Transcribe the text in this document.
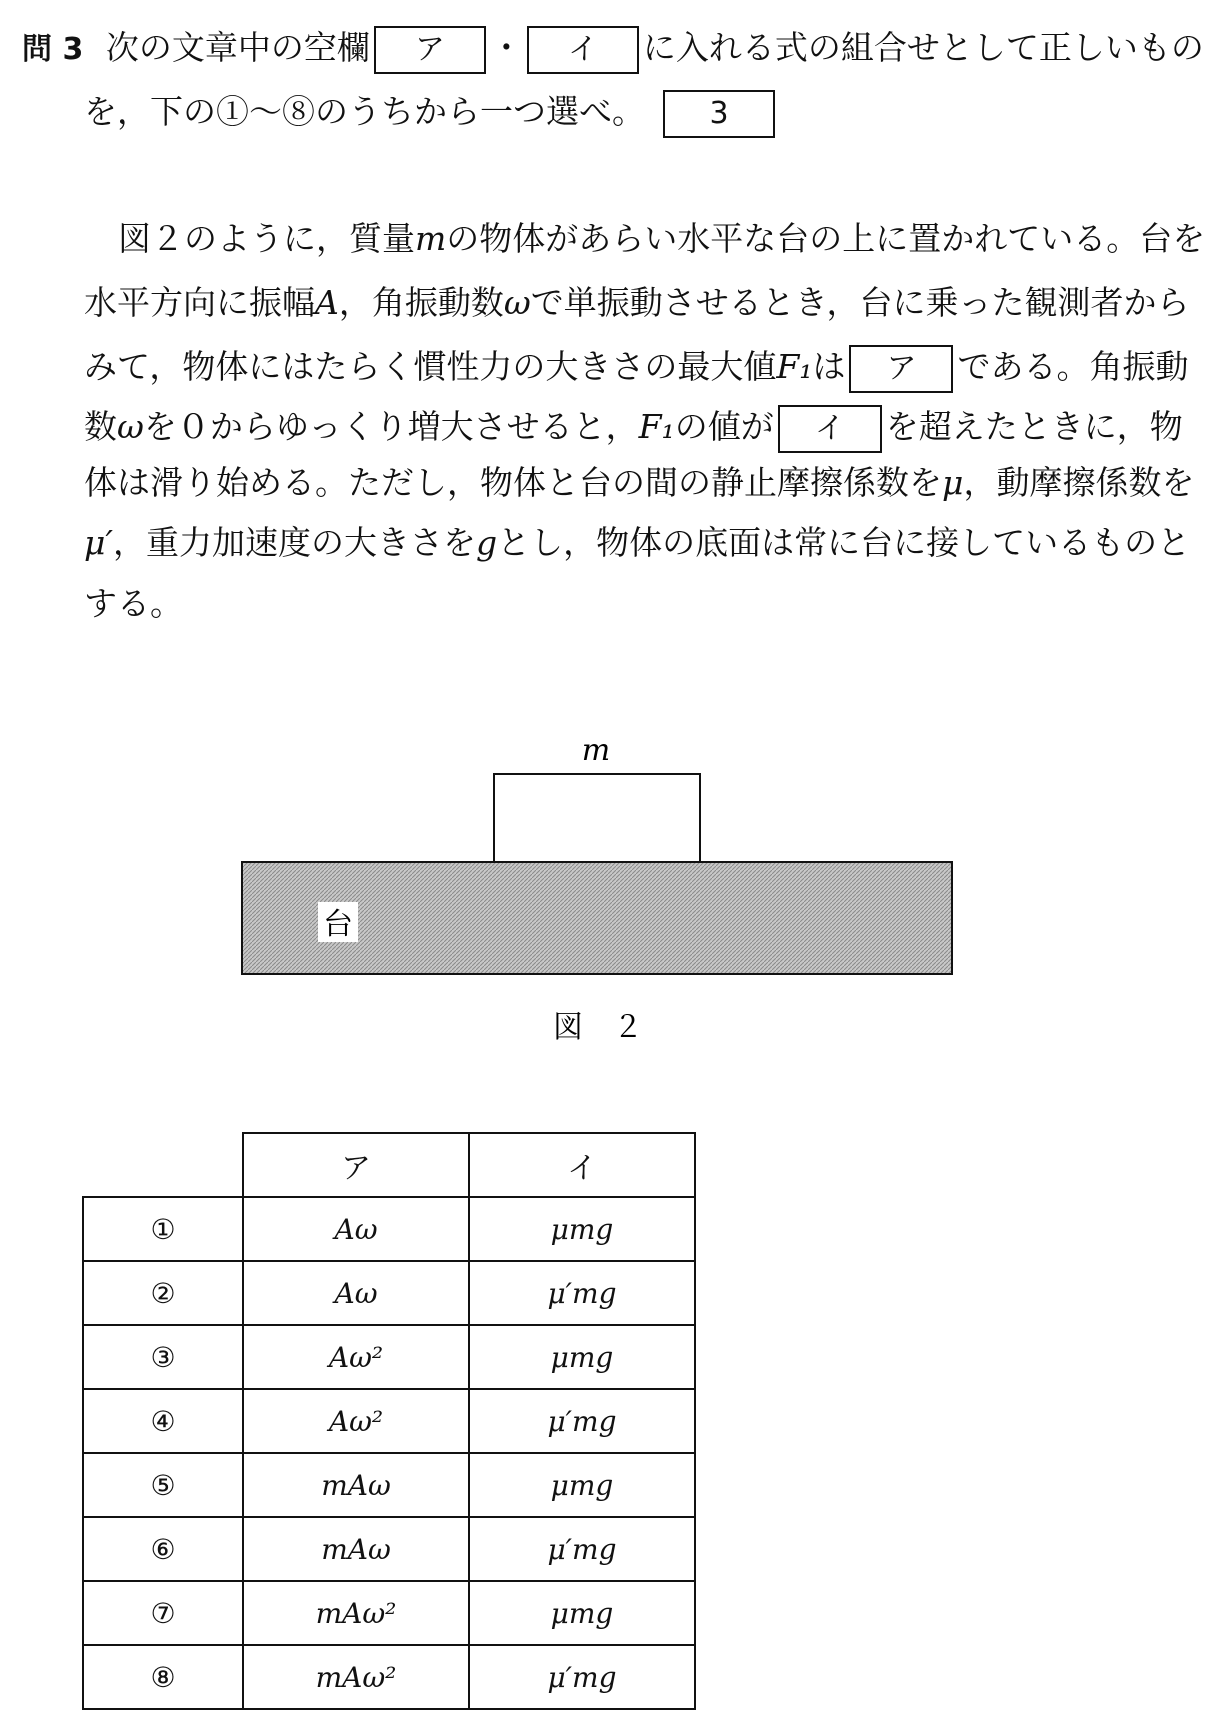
問 3 次の文章中の空欄 ア ・ イ に入れる式の組合せとして正しいもの
を，下の①～⑧のうちから一つ選べ。 3
図２のように，質量mの物体があらい水平な台の上に置かれている。台を
水平方向に振幅A，角振動数ωで単振動させるとき，台に乗った観測者から
みて，物体にはたらく慣性力の大きさの最大値F₁は ア である。角振動
数ωを０からゆっくり増大させると，F₁の値が イ を超えたときに，物
体は滑り始める。ただし，物体と台の間の静止摩擦係数をμ，動摩擦係数を
μ′，重力加速度の大きさをgとし，物体の底面は常に台に接しているものと
する。
m
台
図　２
	ア	イ
①	Aω	μmg
②	Aω	μ′mg
③	Aω²	μmg
④	Aω²	μ′mg
⑤	mAω	μmg
⑥	mAω	μ′mg
⑦	mAω²	μmg
⑧	mAω²	μ′mg
